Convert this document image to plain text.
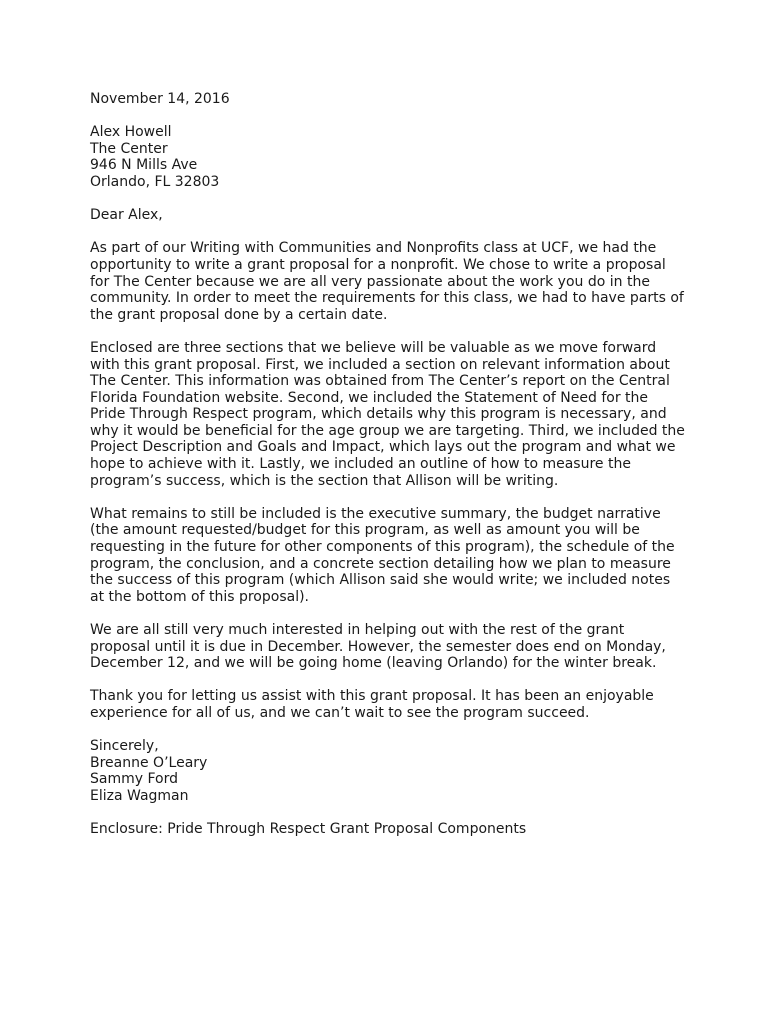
November 14, 2016
Alex Howell
The Center
946 N Mills Ave
Orlando, FL 32803
Dear Alex,
As part of our Writing with Communities and Nonprofits class at UCF, we had the
opportunity to write a grant proposal for a nonprofit. We chose to write a proposal
for The Center because we are all very passionate about the work you do in the
community. In order to meet the requirements for this class, we had to have parts of
the grant proposal done by a certain date.
Enclosed are three sections that we believe will be valuable as we move forward
with this grant proposal. First, we included a section on relevant information about
The Center. This information was obtained from The Center’s report on the Central
Florida Foundation website. Second, we included the Statement of Need for the
Pride Through Respect program, which details why this program is necessary, and
why it would be beneficial for the age group we are targeting. Third, we included the
Project Description and Goals and Impact, which lays out the program and what we
hope to achieve with it. Lastly, we included an outline of how to measure the
program’s success, which is the section that Allison will be writing.
What remains to still be included is the executive summary, the budget narrative
(the amount requested/budget for this program, as well as amount you will be
requesting in the future for other components of this program), the schedule of the
program, the conclusion, and a concrete section detailing how we plan to measure
the success of this program (which Allison said she would write; we included notes
at the bottom of this proposal).
We are all still very much interested in helping out with the rest of the grant
proposal until it is due in December. However, the semester does end on Monday,
December 12, and we will be going home (leaving Orlando) for the winter break.
Thank you for letting us assist with this grant proposal. It has been an enjoyable
experience for all of us, and we can’t wait to see the program succeed.
Sincerely,
Breanne O’Leary
Sammy Ford
Eliza Wagman
Enclosure: Pride Through Respect Grant Proposal Components
